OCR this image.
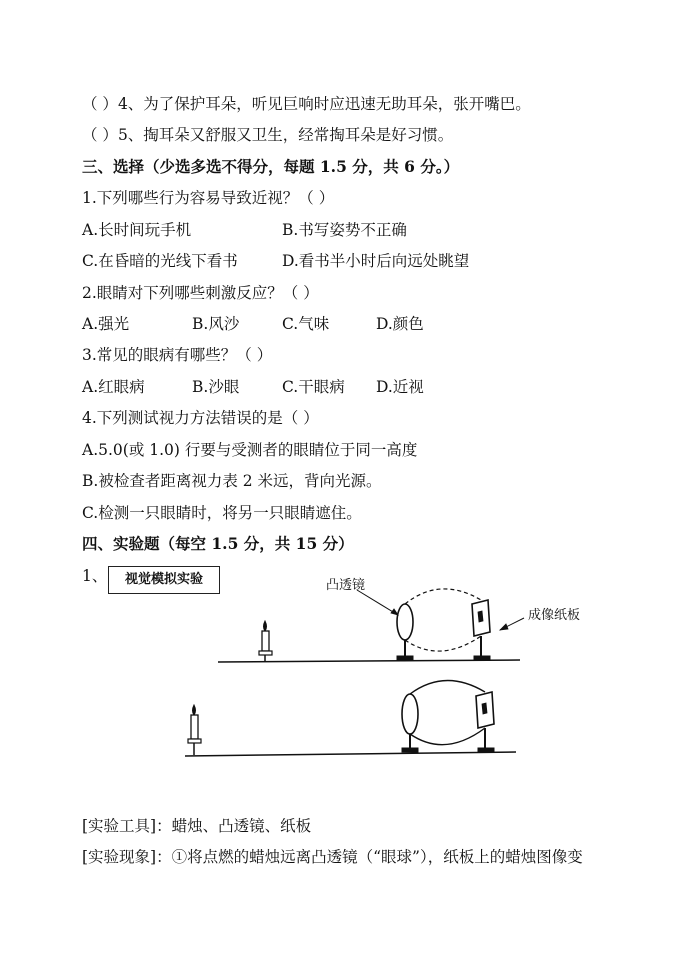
（ ）4、为了保护耳朵，听见巨响时应迅速无助耳朵，张开嘴巴。
（ ）5、掏耳朵又舒服又卫生，经常掏耳朵是好习惯。
三、选择（少选多选不得分，每题 1.5 分，共 6 分。）
1.下列哪些行为容易导致近视？（ ）
A.长时间玩手机	B.书写姿势不正确
C.在昏暗的光线下看书	D.看书半小时后向远处眺望
2.眼睛对下列哪些刺激反应？（ ）
A.强光	B.风沙	C.气味	D.颜色
3.常见的眼病有哪些？（ ）
A.红眼病	B.沙眼	C.干眼病 D.近视
4.下列测试视力方法错误的是（ ）
A.5.0(或 1.0) 行要与受测者的眼睛位于同一高度
B.被检查者距离视力表 2 米远，背向光源。
C.检测一只眼睛时，将另一只眼睛遮住。
四、实验题（每空 1.5 分，共 15 分）
1、	视觉模拟实验	凸透镜
成像纸板
[实验工具]：蜡烛、凸透镜、纸板
[实验现象]：①将点燃的蜡烛远离凸透镜（“眼球”），纸板上的蜡烛图像变
